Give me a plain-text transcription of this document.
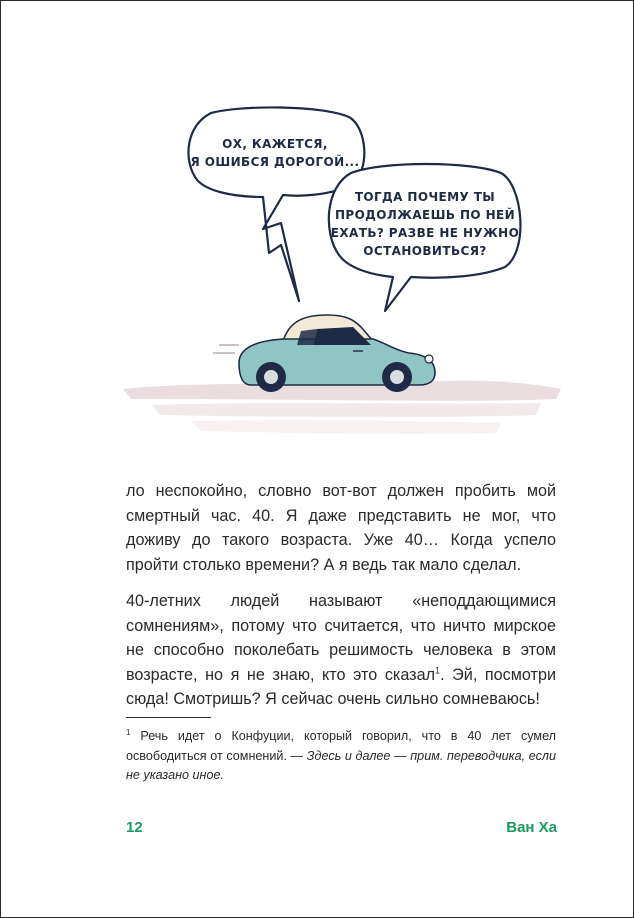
ОХ, КАЖЕТСЯ,
Я ОШИБСЯ ДОРОГОЙ...
ТОГДА ПОЧЕМУ ТЫ
ПРОДОЛЖАЕШЬ ПО НЕЙ
ЕХАТЬ? РАЗВЕ НЕ НУЖНО
ОСТАНОВИТЬСЯ?
ло неспокойно, словно вот-вот должен пробить мой смертный час. 40. Я даже представить не мог, что доживу до такого возраста. Уже 40… Когда успело пройти столько времени? А я ведь так мало сделал.
40-летних людей называют «неподдающимися сомнениям», потому что считается, что ничто мирское не способно поколебать решимость человека в этом возрасте, но я не знаю, кто это сказал$^1$. Эй, посмотри сюда! Смотришь? Я сейчас очень сильно сомневаюсь!
$^1$ Речь идет о Конфуции, который говорил, что в 40 лет сумел освободиться от сомнений. — Здесь и далее — прим. переводчика, если не указано иное.
12	Ван Ха
